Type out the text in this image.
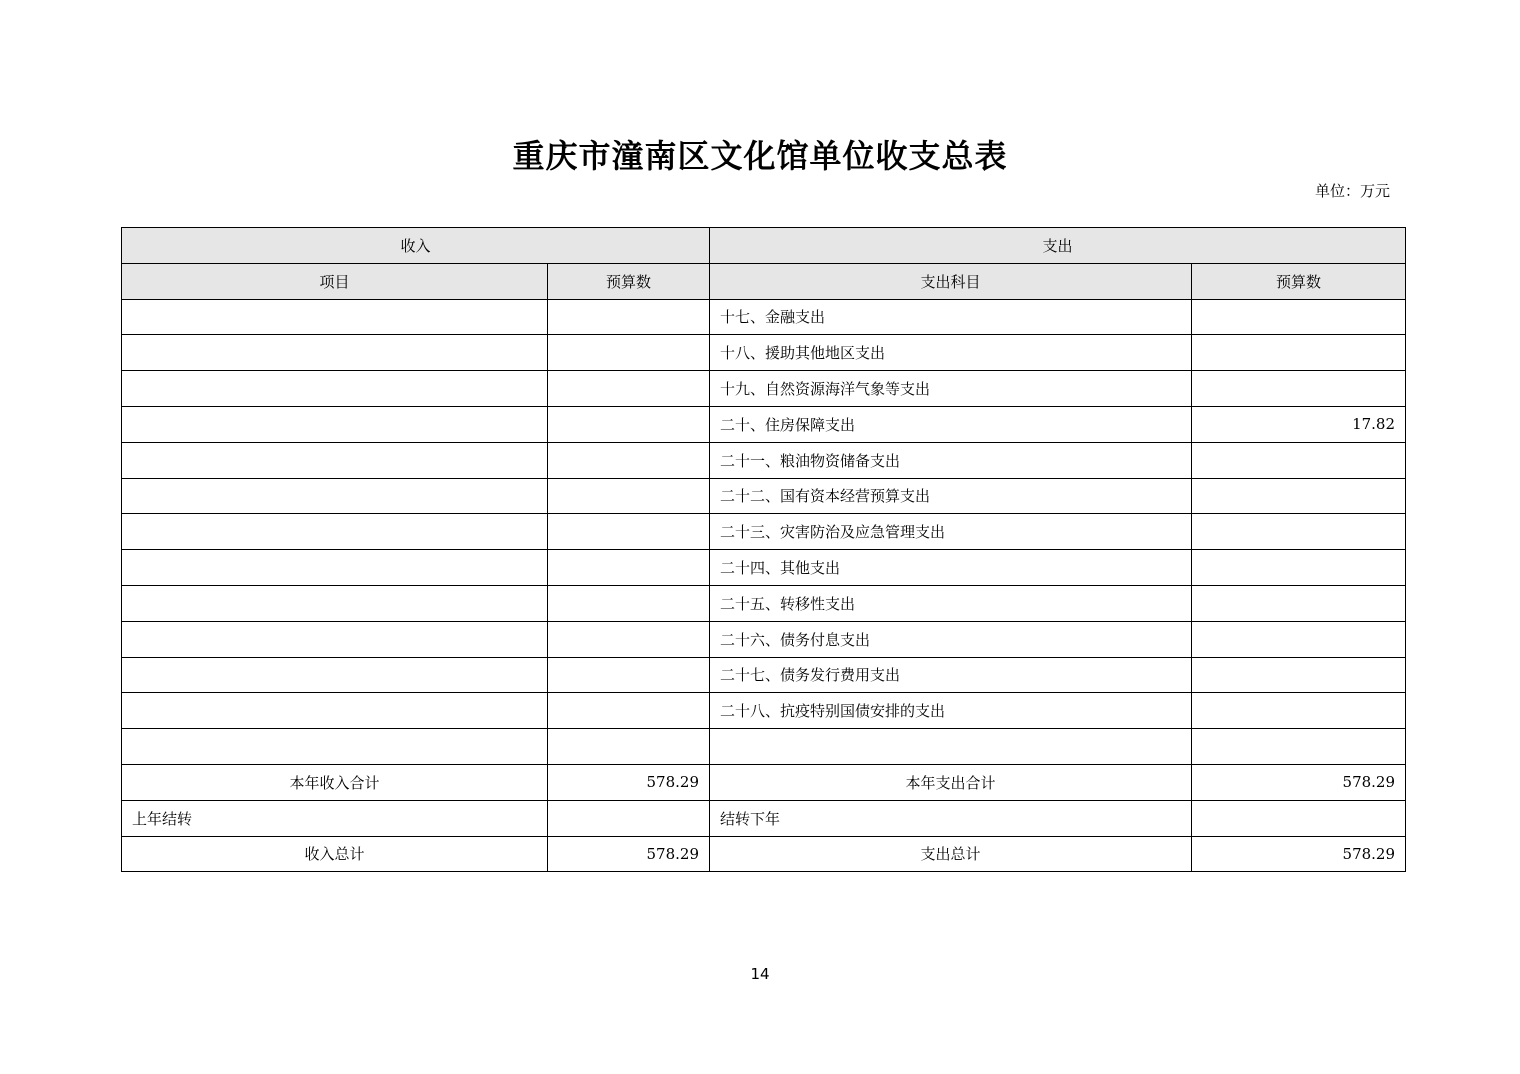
重庆市潼南区文化馆单位收支总表
单位：万元
收入		支出	
项目	预算数	支出科目	预算数
		十七、金融支出	
		十八、援助其他地区支出	
		十九、自然资源海洋气象等支出	
		二十、住房保障支出	17.82
		二十一、粮油物资储备支出	
		二十二、国有资本经营预算支出	
		二十三、灾害防治及应急管理支出	
		二十四、其他支出	
		二十五、转移性支出	
		二十六、债务付息支出	
		二十七、债务发行费用支出	
		二十八、抗疫特别国债安排的支出	

本年收入合计	578.29	本年支出合计	578.29
上年结转		结转下年	
收入总计	578.29	支出总计	578.29
14
